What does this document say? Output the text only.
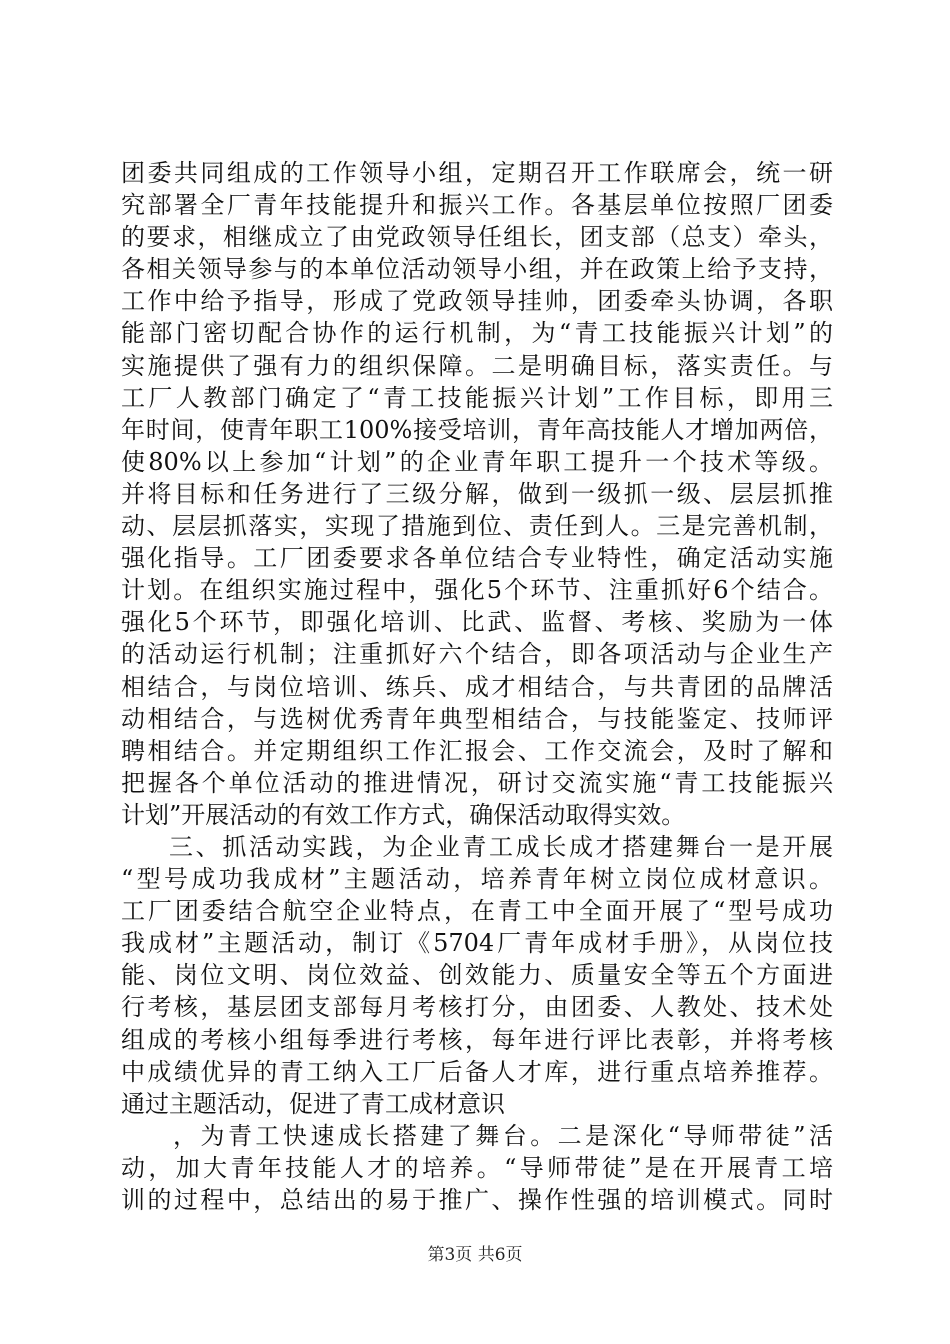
团委共同组成的工作领导小组，定期召开工作联席会，统一研
究部署全厂青年技能提升和振兴工作。各基层单位按照厂团委
的要求，相继成立了由党政领导任组长，团支部（总支）牵头，
各相关领导参与的本单位活动领导小组，并在政策上给予支持，
工作中给予指导，形成了党政领导挂帅，团委牵头协调，各职
能部门密切配合协作的运行机制，为“青工技能振兴计划”的
实施提供了强有力的组织保障。二是明确目标，落实责任。与
工厂人教部门确定了“青工技能振兴计划”工作目标，即用三
年时间，使青年职工100%接受培训，青年高技能人才增加两倍，
使80%以上参加“计划”的企业青年职工提升一个技术等级。
并将目标和任务进行了三级分解，做到一级抓一级、层层抓推
动、层层抓落实，实现了措施到位、责任到人。三是完善机制，
强化指导。工厂团委要求各单位结合专业特性，确定活动实施
计划。在组织实施过程中，强化5个环节、注重抓好6个结合。
强化5个环节，即强化培训、比武、监督、考核、奖励为一体
的活动运行机制；注重抓好六个结合，即各项活动与企业生产
相结合，与岗位培训、练兵、成才相结合，与共青团的品牌活
动相结合，与选树优秀青年典型相结合，与技能鉴定、技师评
聘相结合。并定期组织工作汇报会、工作交流会，及时了解和
把握各个单位活动的推进情况，研讨交流实施“青工技能振兴
计划”开展活动的有效工作方式，确保活动取得实效。
三、抓活动实践，为企业青工成长成才搭建舞台一是开展
“型号成功我成材”主题活动，培养青年树立岗位成材意识。
工厂团委结合航空企业特点，在青工中全面开展了“型号成功
我成材”主题活动，制订《5704厂青年成材手册》，从岗位技
能、岗位文明、岗位效益、创效能力、质量安全等五个方面进
行考核，基层团支部每月考核打分，由团委、人教处、技术处
组成的考核小组每季进行考核，每年进行评比表彰，并将考核
中成绩优异的青工纳入工厂后备人才库，进行重点培养推荐。
通过主题活动，促进了青工成材意识
，为青工快速成长搭建了舞台。二是深化“导师带徒”活
动，加大青年技能人才的培养。“导师带徒”是在开展青工培
训的过程中，总结出的易于推广、操作性强的培训模式。同时
第3页 共6页
